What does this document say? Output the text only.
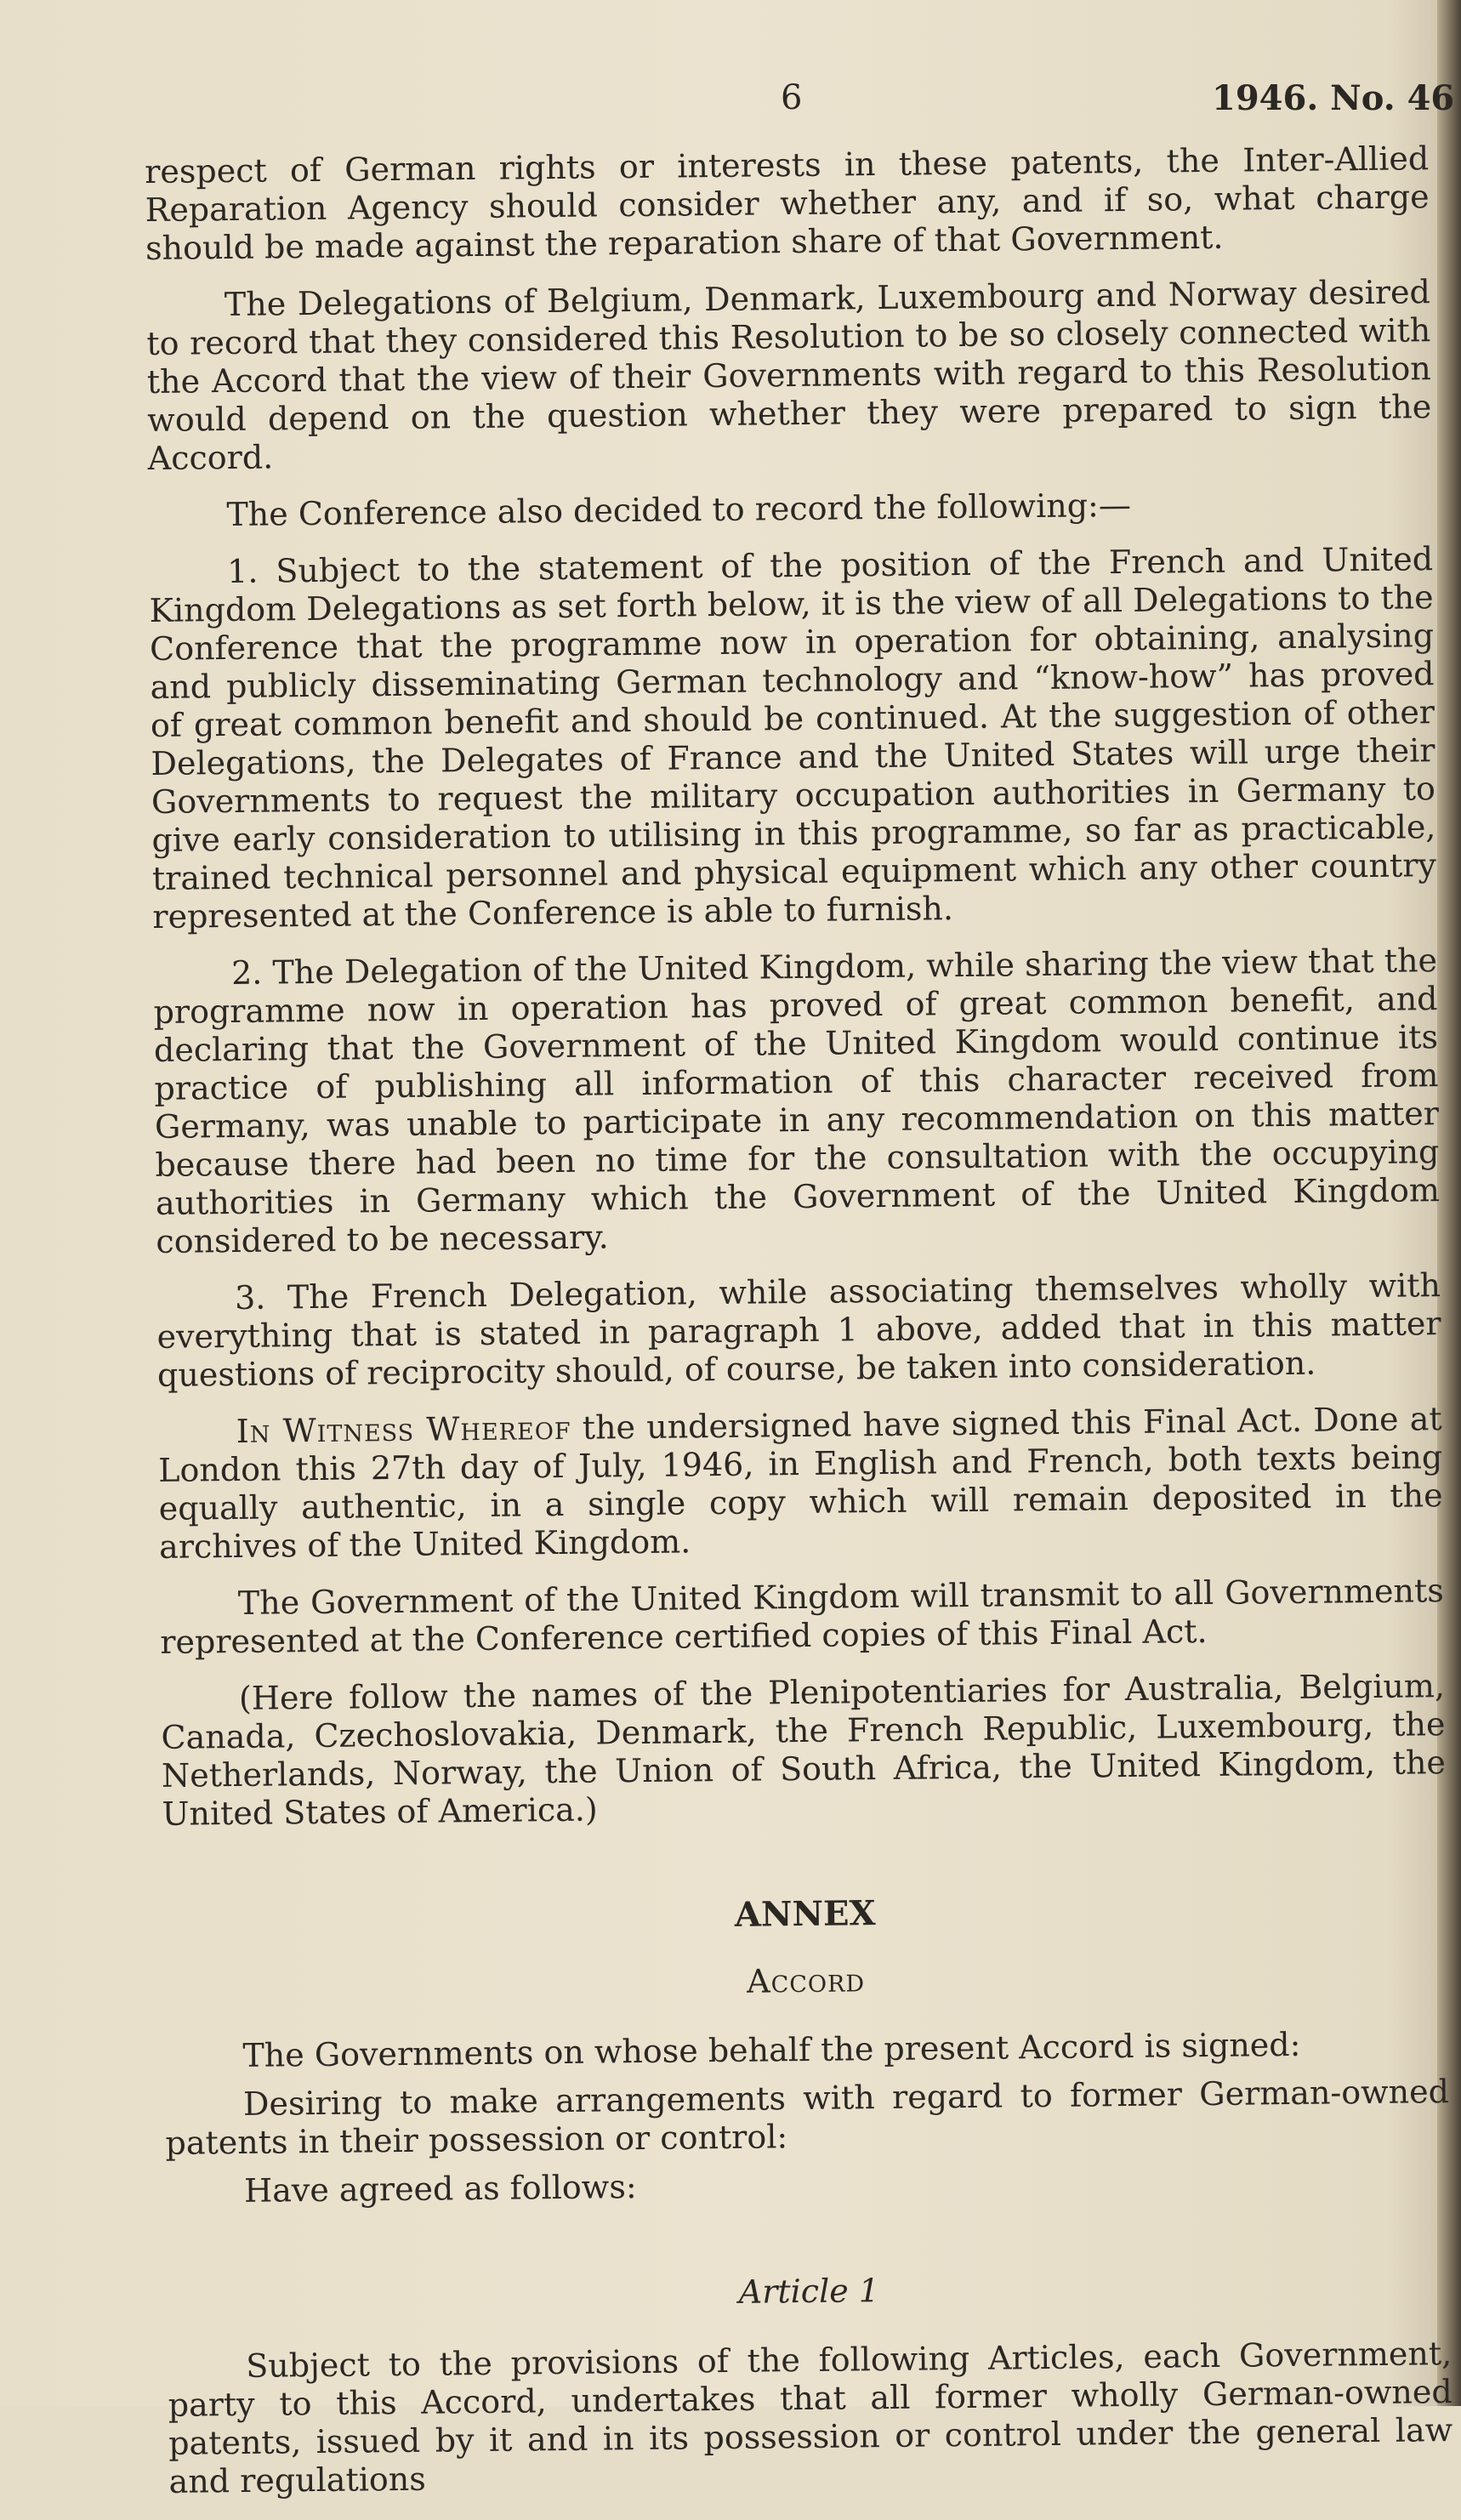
6	1946. No. 46

respect of German rights or interests in these patents, the Inter-Allied Reparation Agency should consider whether any, and if so, what charge should be made against the reparation share of that Government.

The Delegations of Belgium, Denmark, Luxembourg and Norway desired to record that they considered this Resolution to be so closely connected with the Accord that the view of their Governments with regard to this Resolution would depend on the question whether they were prepared to sign the Accord.

The Conference also decided to record the following:—

1. Subject to the statement of the position of the French and United Kingdom Delegations as set forth below, it is the view of all Delegations to the Conference that the programme now in operation for obtaining, analysing and publicly disseminating German technology and “know-how” has proved of great common benefit and should be continued. At the suggestion of other Delegations, the Delegates of France and the United States will urge their Governments to request the military occupation authorities in Germany to give early consideration to utilising in this programme, so far as practicable, trained technical personnel and physical equipment which any other country represented at the Conference is able to furnish.

2. The Delegation of the United Kingdom, while sharing the view that the programme now in operation has proved of great common benefit, and declaring that the Government of the United Kingdom would continue its practice of publishing all information of this character received from Germany, was unable to participate in any recommendation on this matter because there had been no time for the consultation with the occupying authorities in Germany which the Government of the United Kingdom considered to be necessary.

3. The French Delegation, while associating themselves wholly with everything that is stated in paragraph 1 above, added that in this matter questions of reciprocity should, of course, be taken into consideration.

In Witness Whereof the undersigned have signed this Final Act. Done at London this 27th day of July, 1946, in English and French, both texts being equally authentic, in a single copy which will remain deposited in the archives of the United Kingdom.

The Government of the United Kingdom will transmit to all Governments represented at the Conference certified copies of this Final Act.

(Here follow the names of the Plenipotentiaries for Australia, Belgium, Canada, Czechoslovakia, Denmark, the French Republic, Luxembourg, the Netherlands, Norway, the Union of South Africa, the United Kingdom, the United States of America.)

ANNEX
Accord

The Governments on whose behalf the present Accord is signed:

Desiring to make arrangements with regard to former German-owned patents in their possession or control:

Have agreed as follows:

Article 1

Subject to the provisions of the following Articles, each Government, party to this Accord, undertakes that all former wholly German-owned patents, issued by it and in its possession or control under the general law and regulations
